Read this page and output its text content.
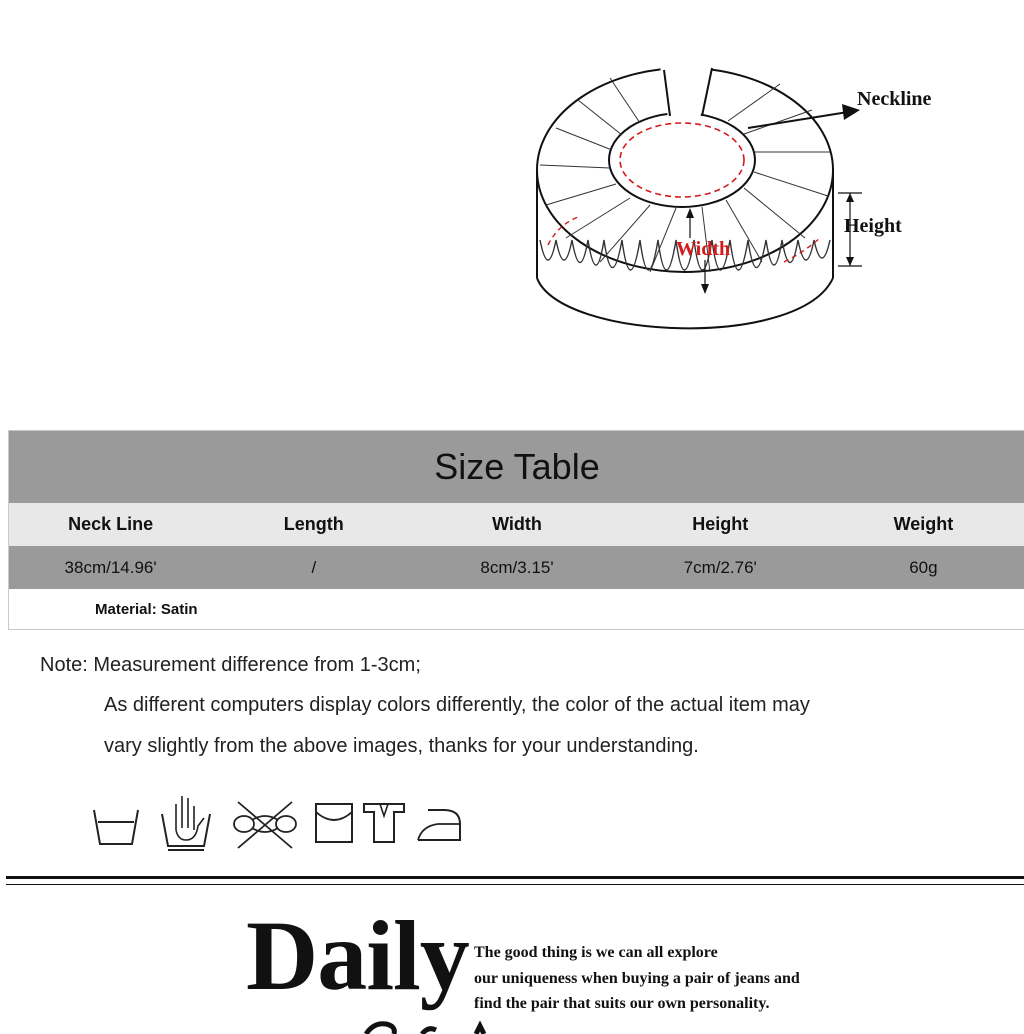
Neckline
Height
Width
Size Table
Neck Line	Length	Width	Height	Weight
38cm/14.96'	/	8cm/3.15'	7cm/2.76'	60g
Material: Satin
Note: Measurement difference from 1-3cm;
As different computers display colors differently, the color of the actual item may
vary slightly from the above images, thanks for your understanding.
Daily The good thing is we can all explore
our uniqueness when buying a pair of jeans and
find the pair that suits our own personality.
